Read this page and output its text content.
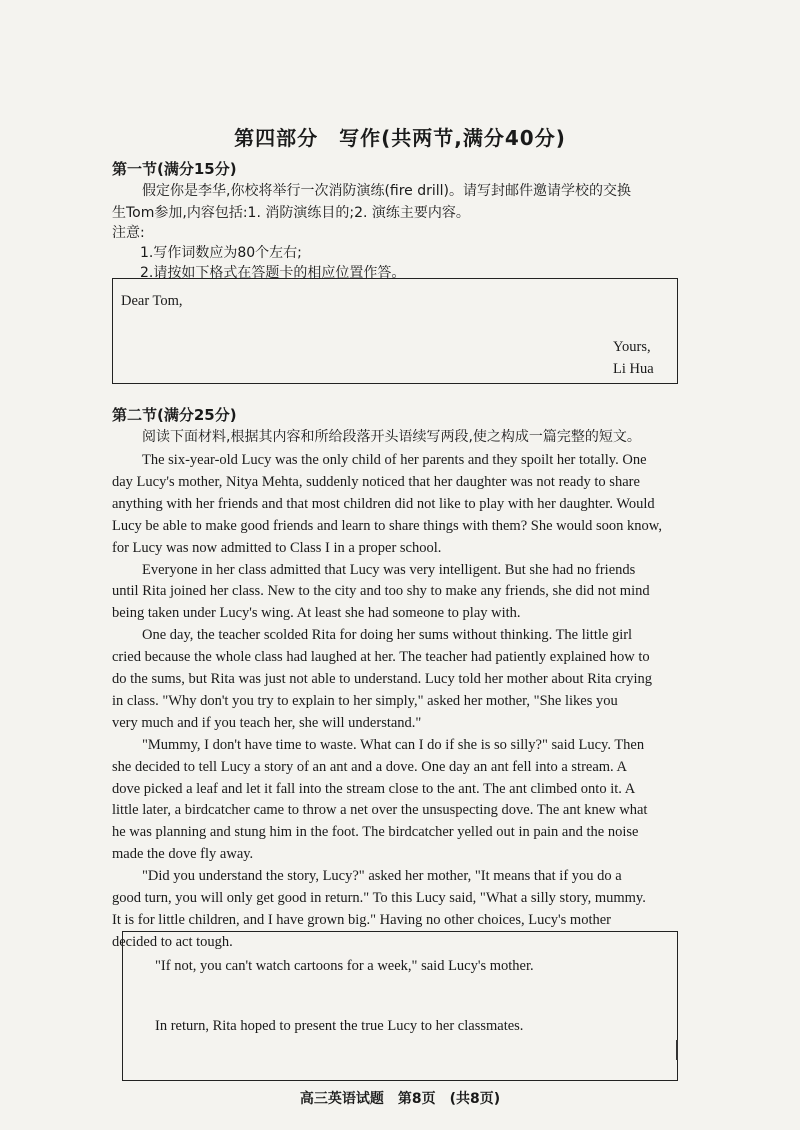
第四部分　写作(共两节,满分40分)
第一节(满分15分)
假定你是李华,你校将举行一次消防演练(fire drill)。请写封邮件邀请学校的交换
生Tom参加,内容包括:1. 消防演练目的;2. 演练主要内容。
注意:
1.写作词数应为80个左右;
2.请按如下格式在答题卡的相应位置作答。
Dear Tom,
Yours,
Li Hua
第二节(满分25分)
阅读下面材料,根据其内容和所给段落开头语续写两段,使之构成一篇完整的短文。
The six-year-old Lucy was the only child of her parents and they spoilt her totally. One
day Lucy's mother, Nitya Mehta, suddenly noticed that her daughter was not ready to share
anything with her friends and that most children did not like to play with her daughter. Would
Lucy be able to make good friends and learn to share things with them? She would soon know,
for Lucy was now admitted to Class I in a proper school.
Everyone in her class admitted that Lucy was very intelligent. But she had no friends
until Rita joined her class. New to the city and too shy to make any friends, she did not mind
being taken under Lucy's wing. At least she had someone to play with.
One day, the teacher scolded Rita for doing her sums without thinking. The little girl
cried because the whole class had laughed at her. The teacher had patiently explained how to
do the sums, but Rita was just not able to understand. Lucy told her mother about Rita crying
in class. "Why don't you try to explain to her simply," asked her mother, "She likes you
very much and if you teach her, she will understand."
"Mummy, I don't have time to waste. What can I do if she is so silly?" said Lucy. Then
she decided to tell Lucy a story of an ant and a dove. One day an ant fell into a stream. A
dove picked a leaf and let it fall into the stream close to the ant. The ant climbed onto it. A
little later, a birdcatcher came to throw a net over the unsuspecting dove. The ant knew what
he was planning and stung him in the foot. The birdcatcher yelled out in pain and the noise
made the dove fly away.
"Did you understand the story, Lucy?" asked her mother, "It means that if you do a
good turn, you will only get good in return." To this Lucy said, "What a silly story, mummy.
It is for little children, and I have grown big." Having no other choices, Lucy's mother
decided to act tough.
"If not, you can't watch cartoons for a week," said Lucy's mother.
In return, Rita hoped to present the true Lucy to her classmates.
高三英语试题　第8页　(共8页)
